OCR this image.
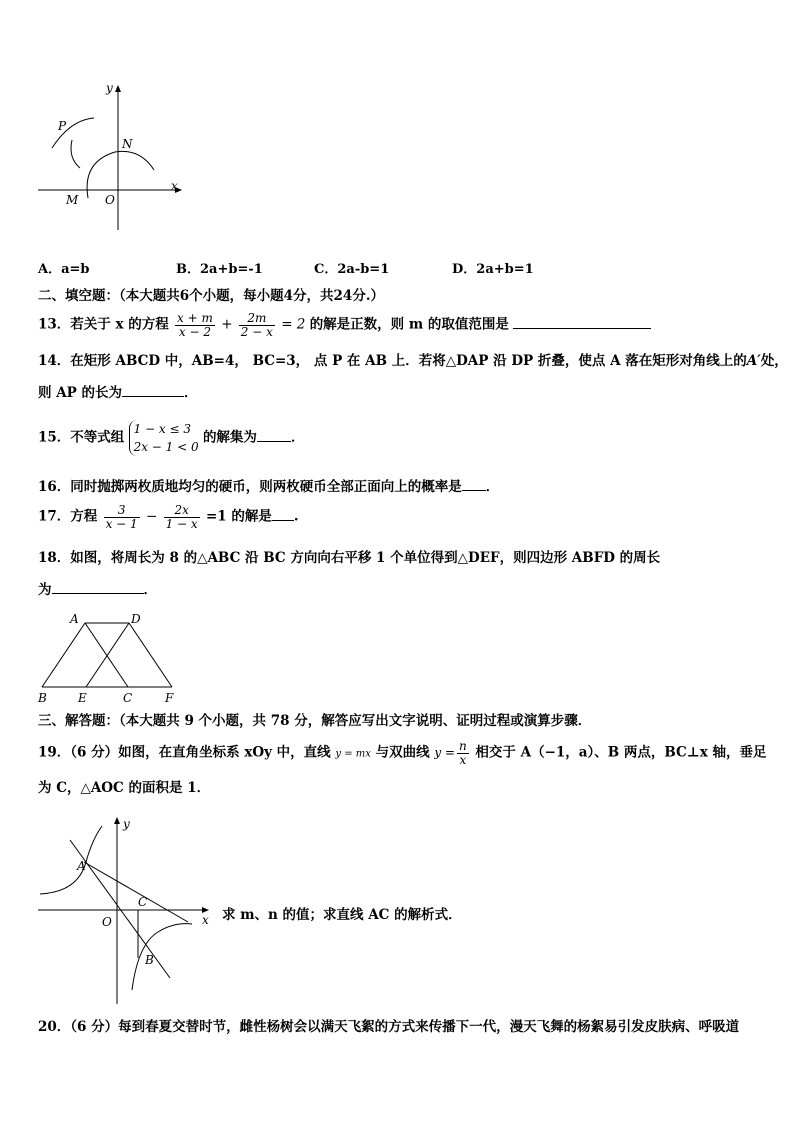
y
x
P
N
M O
A．a=b	B．2a+b=-1	C．2a-b=1	D．2a+b=1
二、填空题：（本大题共6个小题，每小题4分，共24分.）
13．若关于 x 的方程 $\frac{x + m}{x - 2} + \frac{2m}{2 - x} = 2$ 的解是正数，则 m 的取值范围是
14．在矩形 ABCD 中，AB=4， BC=3， 点 P 在 AB 上．若将△DAP 沿 DP 折叠，使点 A 落在矩形对角线上的A′处，
则 AP 的长为	．
15．不等式组
1 − x ≤ 3
2x − 1 < 0
的解集为	．
16．同时抛掷两枚质地均匀的硬币，则两枚硬币全部正面向上的概率是 ．
17．方程 $\frac{3}{x - 1} - \frac{2x}{1 - x} =1$ 的解是 .
18．如图，将周长为 8 的△ABC 沿 BC 方向向右平移 1 个单位得到△DEF，则四边形 ABFD 的周长
为	．
A	D
B	E	C	F
三、解答题：（本大题共 9 个小题，共 78 分，解答应写出文字说明、证明过程或演算步骤．
19．（6 分）如图，在直角坐标系 xOy 中，直线 y = mx 与双曲线 $y = \frac{n}{x}$ 相交于 A（−1，a）、B 两点，BC⊥x 轴，垂足
为 C，△AOC 的面积是 1．
y
x
A
O
C
B
求 m、n 的值；求直线 AC 的解析式．
20．（6 分）每到春夏交替时节，雌性杨树会以满天飞絮的方式来传播下一代，漫天飞舞的杨絮易引发皮肤病、呼吸道
